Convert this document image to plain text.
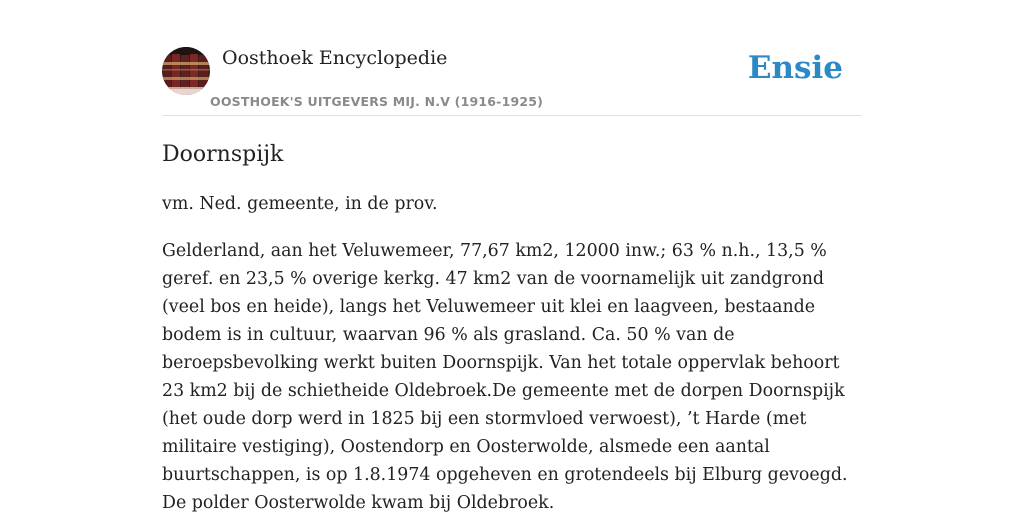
Oosthoek Encyclopedie
OOSTHOEK'S UITGEVERS MIJ. N.V (1916-1925)
Ensie
Doornspijk

vm. Ned. gemeente, in de prov.

Gelderland, aan het Veluwemeer, 77,67 km2, 12000 inw.; 63 % n.h., 13,5 % geref. en 23,5 % overige kerkg. 47 km2 van de voornamelijk uit zandgrond (veel bos en heide), langs het Veluwemeer uit klei en laagveen, bestaande bodem is in cultuur, waarvan 96 % als grasland. Ca. 50 % van de beroepsbevolking werkt buiten Doornspijk. Van het totale oppervlak behoort 23 km2 bij de schietheide Oldebroek.De gemeente met de dorpen Doornspijk (het oude dorp werd in 1825 bij een stormvloed verwoest), ’t Harde (met militaire vestiging), Oostendorp en Oosterwolde, alsmede een aantal buurtschappen, is op 1.8.1974 opgeheven en grotendeels bij Elburg gevoegd. De polder Oosterwolde kwam bij Oldebroek.
